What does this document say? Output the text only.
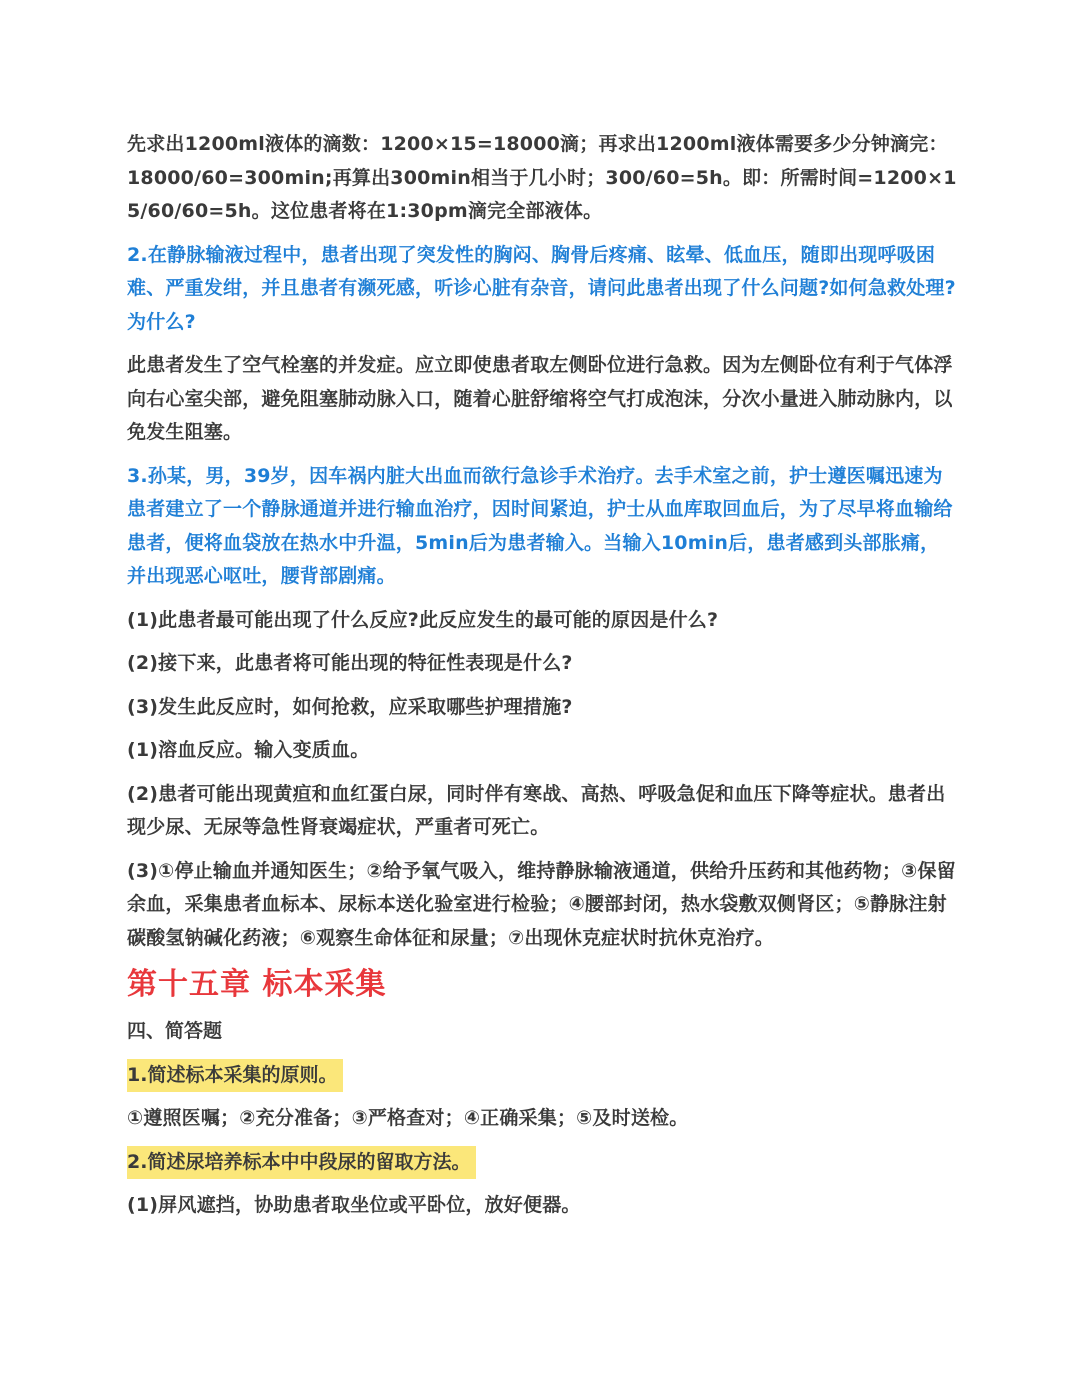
先求出1200ml液体的滴数：1200×15=18000滴；再求出1200ml液体需要多少分钟滴完：18000/60=300min;再算出300min相当于几小时；300/60=5h。即：所需时间=1200×15/60/60=5h。这位患者将在1:30pm滴完全部液体。

2.在静脉输液过程中，患者出现了突发性的胸闷、胸骨后疼痛、眩晕、低血压，随即出现呼吸困难、严重发绀，并且患者有濒死感，听诊心脏有杂音，请问此患者出现了什么问题?如何急救处理?为什么?

此患者发生了空气栓塞的并发症。应立即使患者取左侧卧位进行急救。因为左侧卧位有利于气体浮向右心室尖部，避免阻塞肺动脉入口，随着心脏舒缩将空气打成泡沫，分次小量进入肺动脉内，以免发生阻塞。

3.孙某，男，39岁，因车祸内脏大出血而欲行急诊手术治疗。去手术室之前，护士遵医嘱迅速为患者建立了一个静脉通道并进行输血治疗，因时间紧迫，护士从血库取回血后，为了尽早将血输给患者，便将血袋放在热水中升温，5min后为患者输入。当输入10min后，患者感到头部胀痛，并出现恶心呕吐，腰背部剧痛。

(1)此患者最可能出现了什么反应?此反应发生的最可能的原因是什么?

(2)接下来，此患者将可能出现的特征性表现是什么?

(3)发生此反应时，如何抢救，应采取哪些护理措施?

(1)溶血反应。输入变质血。

(2)患者可能出现黄疸和血红蛋白尿，同时伴有寒战、高热、呼吸急促和血压下降等症状。患者出现少尿、无尿等急性肾衰竭症状，严重者可死亡。

(3)①停止输血并通知医生；②给予氧气吸入，维持静脉输液通道，供给升压药和其他药物；③保留余血，采集患者血标本、尿标本送化验室进行检验；④腰部封闭，热水袋敷双侧肾区；⑤静脉注射碳酸氢钠碱化药液；⑥观察生命体征和尿量；⑦出现休克症状时抗休克治疗。

第十五章 标本采集
四、简答题
1.简述标本采集的原则。

①遵照医嘱；②充分准备；③严格查对；④正确采集；⑤及时送检。

2.简述尿培养标本中中段尿的留取方法。

(1)屏风遮挡，协助患者取坐位或平卧位，放好便器。
